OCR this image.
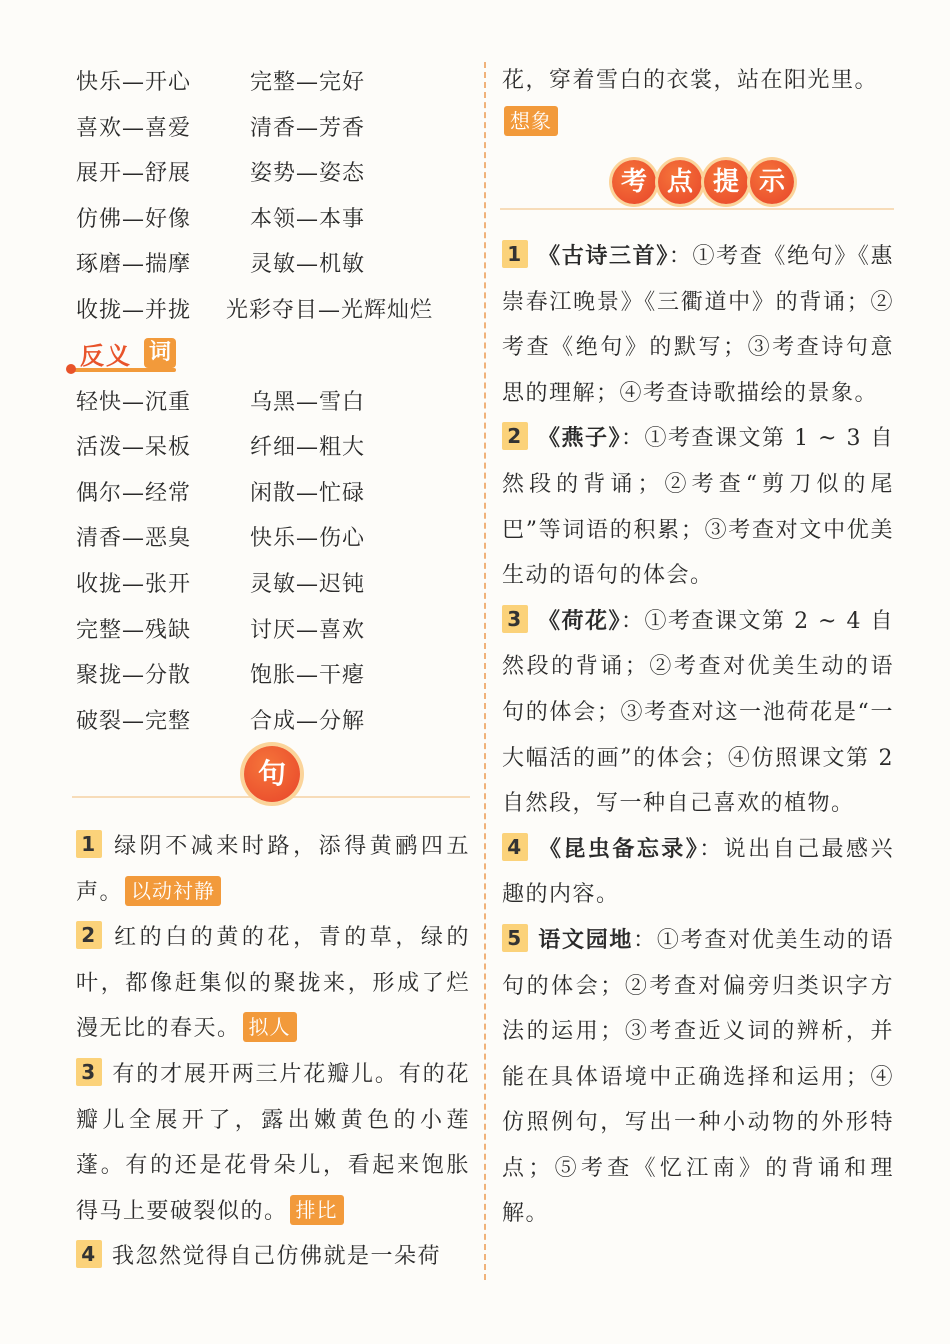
快乐—开心	完整—完好
喜欢—喜爱	清香—芳香
展开—舒展	姿势—姿态
仿佛—好像	本领—本事
琢磨—揣摩	灵敏—机敏
收拢—并拢 光彩夺目—光辉灿烂
反义 词
轻快—沉重	乌黑—雪白
活泼—呆板	纤细—粗大
偶尔—经常	闲散—忙碌
清香—恶臭	快乐—伤心
收拢—张开	灵敏—迟钝
完整—残缺	讨厌—喜欢
聚拢—分散	饱胀—干瘪
破裂—完整	合成—分解
句
1 绿阴不减来时路，添得黄鹂四五声。 以动衬静
2 红的白的黄的花，青的草，绿的叶，都像赶集似的聚拢来，形成了烂漫无比的春天。 拟人
3 有的才展开两三片花瓣儿。有的花瓣儿全展开了，露出嫩黄色的小莲蓬。有的还是花骨朵儿，看起来饱胀得马上要破裂似的。 排比
4 我忽然觉得自己仿佛就是一朵荷
花，穿着雪白的衣裳，站在阳光里。
想象
考 点 提 示
1 《古诗三首》：①考查《绝句》《惠崇春江晚景》《三衢道中》的背诵；②考查《绝句》的默写；③考查诗句意思的理解；④考查诗歌描绘的景象。
2 《燕子》：①考查课文第 1 ~ 3 自然段的背诵；②考查“剪刀似的尾巴”等词语的积累；③考查对文中优美生动的语句的体会。
3 《荷花》：①考查课文第 2 ~ 4 自然段的背诵；②考查对优美生动的语句的体会；③考查对这一池荷花是“一大幅活的画”的体会；④仿照课文第 2 自然段，写一种自己喜欢的植物。
4 《昆虫备忘录》：说出自己最感兴趣的内容。
5 语文园地：①考查对优美生动的语句的体会；②考查对偏旁归类识字方法的运用；③考查近义词的辨析，并能在具体语境中正确选择和运用；④仿照例句，写出一种小动物的外形特点；⑤考查《忆江南》的背诵和理解。
